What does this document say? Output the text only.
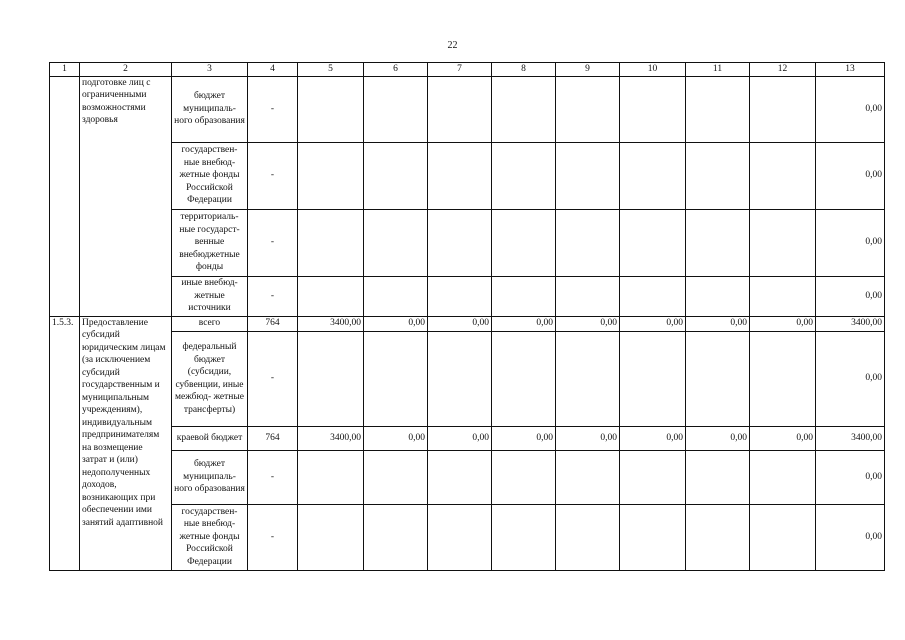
22
1	2	3	4	5	6	7	8	9	10	11	12	13
	подготовке лиц с ограниченными возможностями здоровья	бюджет муниципаль- ного образования	-									0,00
		государствен- ные внебюд- жетные фонды Российской Федерации	-									0,00
		территориаль- ные государст- венные внебюджетные фонды	-									0,00
		иные внебюд- жетные источники	-									0,00
1.5.3.	Предоставление субсидий юридическим лицам (за исключением субсидий государственным и муниципальным учреждениям), индивидуальным предпринимателям на возмещение затрат и (или) недополученных доходов, возникающих при обеспечении ими занятий адаптивной	всего	764	3400,00	0,00	0,00	0,00	0,00	0,00	0,00	0,00	3400,00
		федеральный бюджет (субсидии, субвенции, иные межбюд- жетные трансферты)	-									0,00
		краевой бюджет	764	3400,00	0,00	0,00	0,00	0,00	0,00	0,00	0,00	3400,00
		бюджет муниципаль- ного образования	-									0,00
		государствен- ные внебюд- жетные фонды Российской Федерации	-									0,00
